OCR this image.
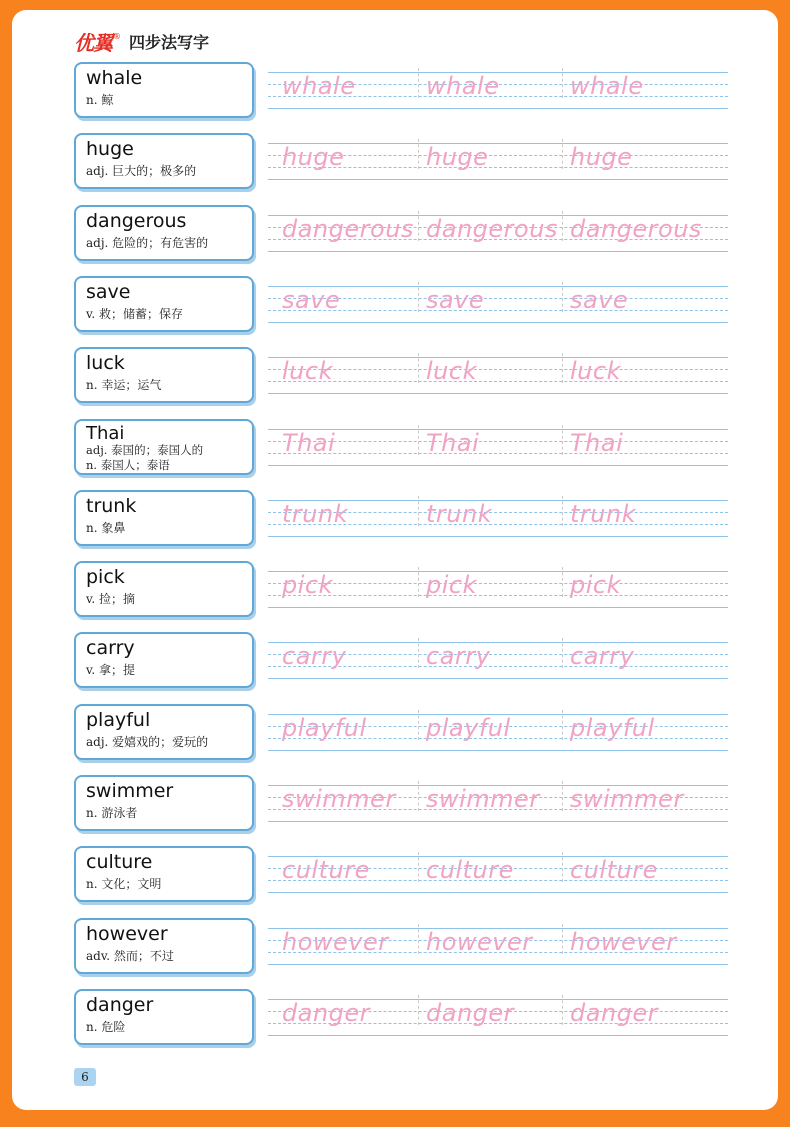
优翼 ® 四步法写字
whale
n. 鲸	whale	whale	whale
huge
adj. 巨大的；极多的	huge	huge	huge
dangerous
adj. 危险的；有危害的	dangerous dangerous dangerous
save
v. 救；储蓄；保存	save	save	save
luck
n. 幸运；运气	luck	luck	luck
Thai
adj. 泰国的；泰国人的
n. 泰国人；泰语
Thai	Thai	Thai
trunk
n. 象鼻	trunk	trunk	trunk
pick
v. 捡；摘	pick	pick	pick
carry
v. 拿；提	carry	carry	carry
playful
adj. 爱嬉戏的；爱玩的	playful playful playful
swimmer
n. 游泳者	swimmer swimmer swimmer
culture
n. 文化；文明	culture culture culture
however
adv. 然而；不过	however however however
danger
n. 危险	danger danger danger
6
